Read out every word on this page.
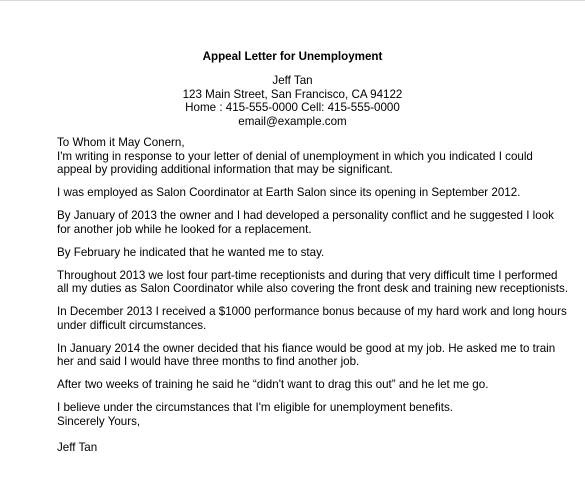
Appeal Letter for Unemployment
Jeff Tan
123 Main Street, San Francisco, CA 94122
Home : 415-555-0000 Cell: 415-555-0000
email@example.com
To Whom it May Conern,
I'm writing in response to your letter of denial of unemployment in which you indicated I could
appeal by providing additional information that may be significant.
I was employed as Salon Coordinator at Earth Salon since its opening in September 2012.
By January of 2013 the owner and I had developed a personality conflict and he suggested I look
for another job while he looked for a replacement.
By February he indicated that he wanted me to stay.
Throughout 2013 we lost four part-time receptionists and during that very difficult time I performed
all my duties as Salon Coordinator while also covering the front desk and training new receptionists.
In December 2013 I received a $1000 performance bonus because of my hard work and long hours
under difficult circumstances.
In January 2014 the owner decided that his fiance would be good at my job. He asked me to train
her and said I would have three months to find another job.
After two weeks of training he said he “didn't want to drag this out” and he let me go.
I believe under the circumstances that I'm eligible for unemployment benefits.
Sincerely Yours,
Jeff Tan
